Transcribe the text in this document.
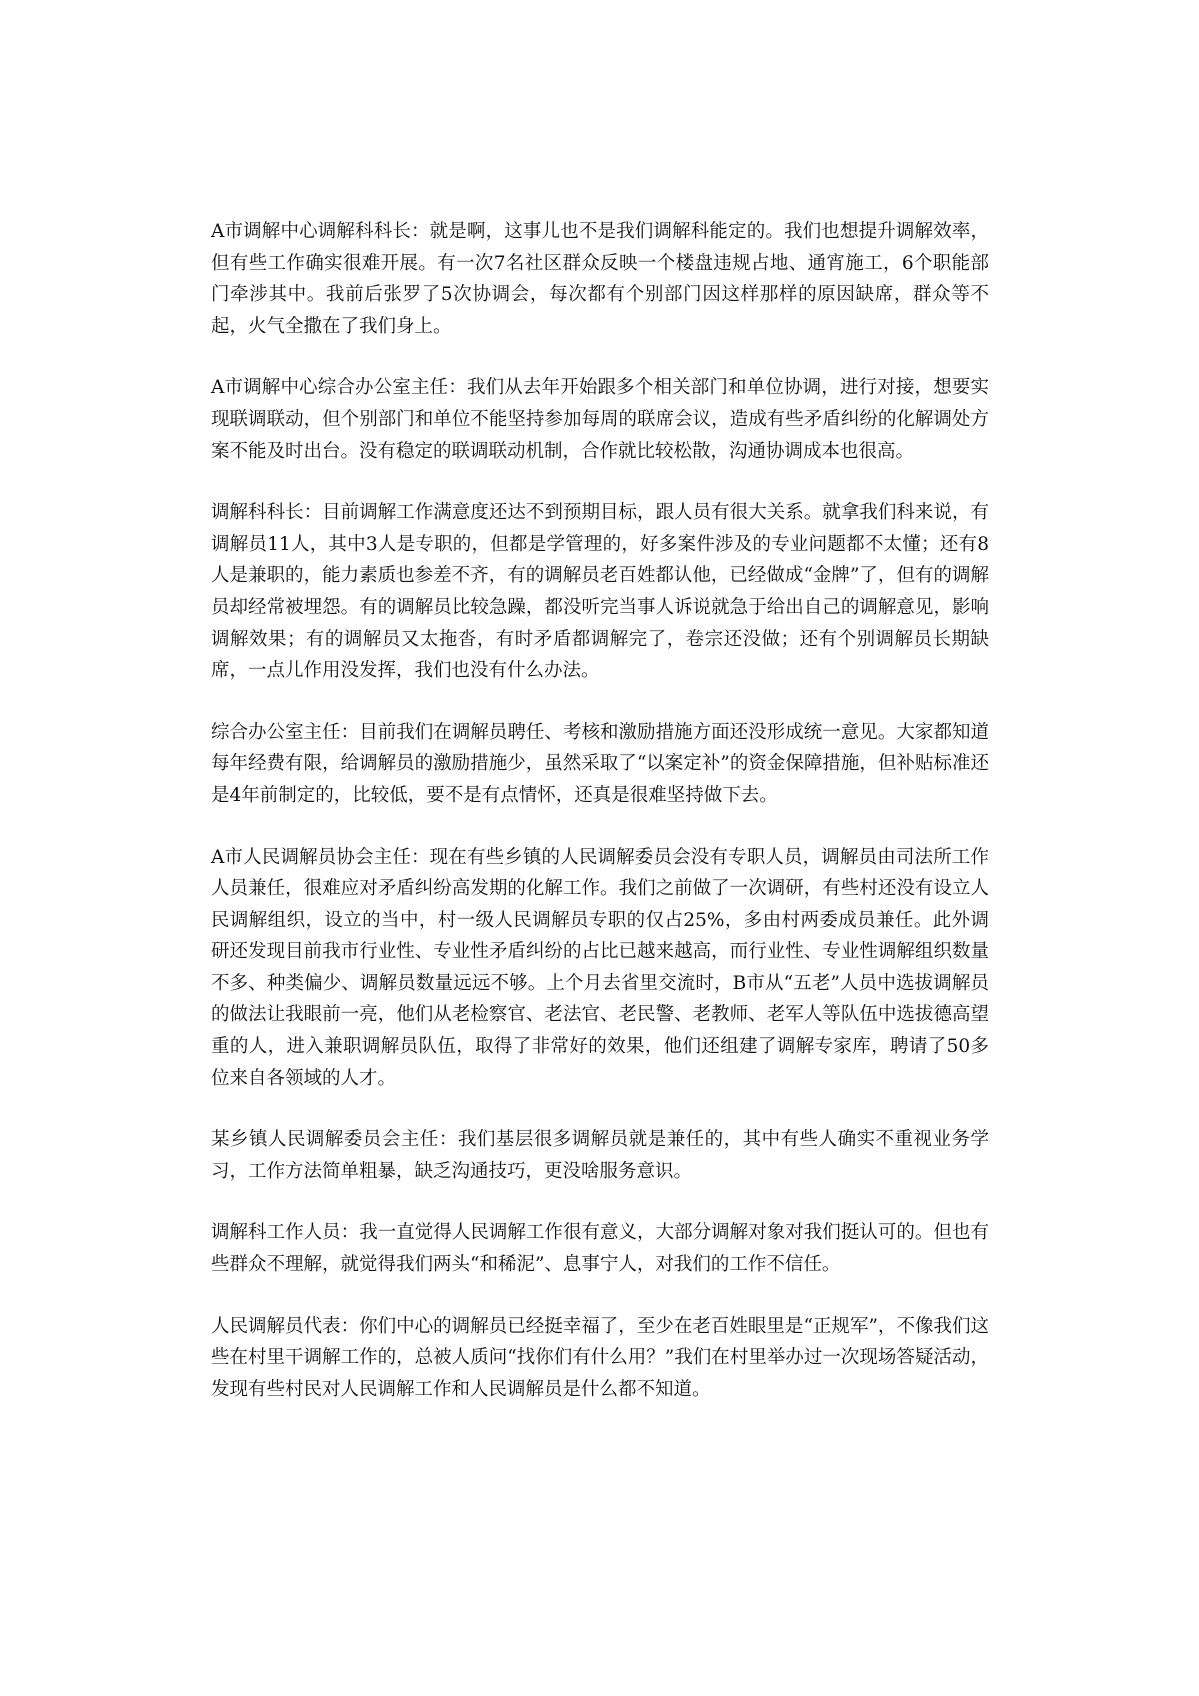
A市调解中心调解科科长：就是啊，这事儿也不是我们调解科能定的。我们也想提升调解效率，但有些工作确实很难开展。有一次7名社区群众反映一个楼盘违规占地、通宵施工，6个职能部门牵涉其中。我前后张罗了5次协调会，每次都有个别部门因这样那样的原因缺席，群众等不起，火气全撒在了我们身上。

A市调解中心综合办公室主任：我们从去年开始跟多个相关部门和单位协调，进行对接，想要实现联调联动，但个别部门和单位不能坚持参加每周的联席会议，造成有些矛盾纠纷的化解调处方案不能及时出台。没有稳定的联调联动机制，合作就比较松散，沟通协调成本也很高。

调解科科长：目前调解工作满意度还达不到预期目标，跟人员有很大关系。就拿我们科来说，有调解员11人，其中3人是专职的，但都是学管理的，好多案件涉及的专业问题都不太懂；还有8人是兼职的，能力素质也参差不齐，有的调解员老百姓都认他，已经做成“金牌”了，但有的调解员却经常被埋怨。有的调解员比较急躁，都没听完当事人诉说就急于给出自己的调解意见，影响调解效果；有的调解员又太拖沓，有时矛盾都调解完了，卷宗还没做；还有个别调解员长期缺席，一点儿作用没发挥，我们也没有什么办法。

综合办公室主任：目前我们在调解员聘任、考核和激励措施方面还没形成统一意见。大家都知道每年经费有限，给调解员的激励措施少，虽然采取了“以案定补”的资金保障措施，但补贴标准还是4年前制定的，比较低，要不是有点情怀，还真是很难坚持做下去。

A市人民调解员协会主任：现在有些乡镇的人民调解委员会没有专职人员，调解员由司法所工作人员兼任，很难应对矛盾纠纷高发期的化解工作。我们之前做了一次调研，有些村还没有设立人民调解组织，设立的当中，村一级人民调解员专职的仅占25%，多由村两委成员兼任。此外调研还发现目前我市行业性、专业性矛盾纠纷的占比已越来越高，而行业性、专业性调解组织数量不多、种类偏少、调解员数量远远不够。上个月去省里交流时，B市从“五老”人员中选拔调解员的做法让我眼前一亮，他们从老检察官、老法官、老民警、老教师、老军人等队伍中选拔德高望重的人，进入兼职调解员队伍，取得了非常好的效果，他们还组建了调解专家库，聘请了50多位来自各领域的人才。

某乡镇人民调解委员会主任：我们基层很多调解员就是兼任的，其中有些人确实不重视业务学习，工作方法简单粗暴，缺乏沟通技巧，更没啥服务意识。

调解科工作人员：我一直觉得人民调解工作很有意义，大部分调解对象对我们挺认可的。但也有些群众不理解，就觉得我们两头“和稀泥”、息事宁人，对我们的工作不信任。

人民调解员代表：你们中心的调解员已经挺幸福了，至少在老百姓眼里是“正规军”，不像我们这些在村里干调解工作的，总被人质问“找你们有什么用？”我们在村里举办过一次现场答疑活动，发现有些村民对人民调解工作和人民调解员是什么都不知道。
